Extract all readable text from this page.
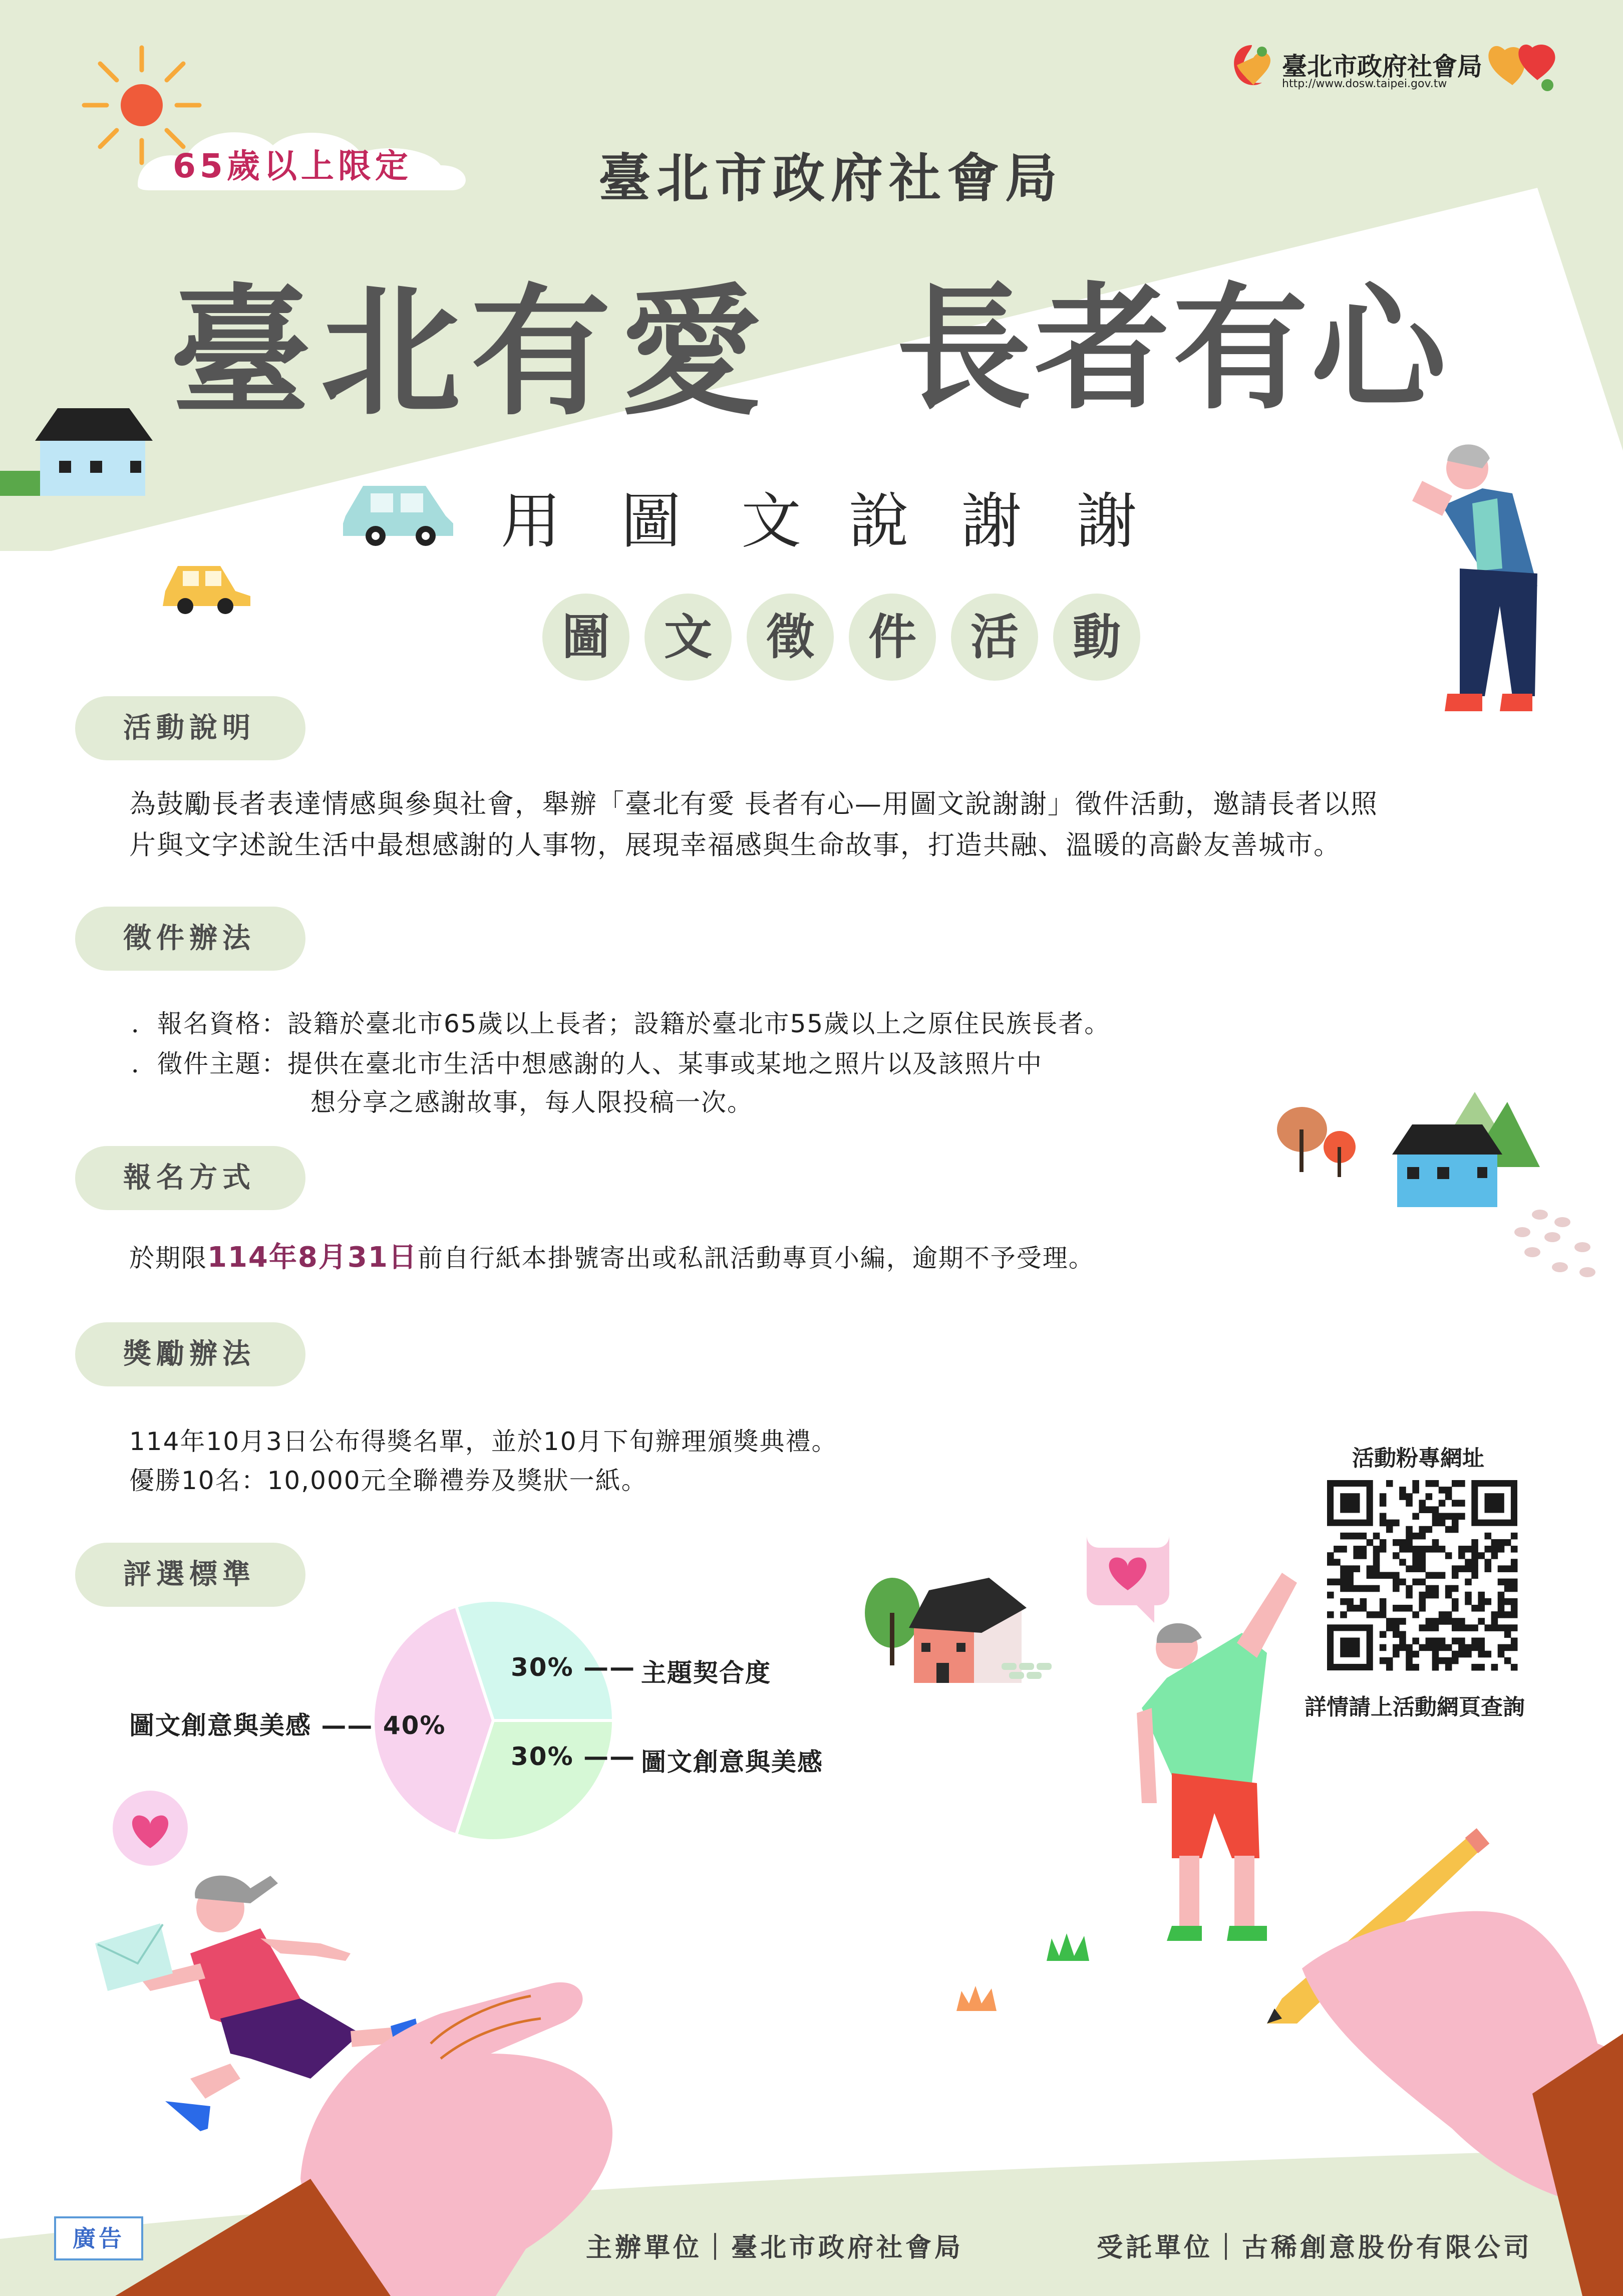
臺北市政府社會局
http://www.dosw.taipei.gov.tw
65歲以上限定	臺北市政府社會局
臺北有愛 長者有心
用 圖 文 說 謝 謝
圖	文	徵	件	活	動
活動說明
為鼓勵長者表達情感與參與社會，舉辦「臺北有愛 長者有心—用圖文說謝謝」徵件活動，邀請長者以照
片與文字述說生活中最想感謝的人事物，展現幸福感與生命故事，打造共融、溫暖的高齡友善城市。
徵件辦法
．報名資格：設籍於臺北市65歲以上長者；設籍於臺北市55歲以上之原住民族長者。
．徵件主題：提供在臺北市生活中想感謝的人、某事或某地之照片以及該照片中
想分享之感謝故事，每人限投稿一次。
報名方式
於期限114年8月31日前自行紙本掛號寄出或私訊活動專頁小編，逾期不予受理。
獎勵辦法
114年10月3日公布得獎名單，並於10月下旬辦理頒獎典禮。
優勝10名：10,000元全聯禮券及獎狀一紙。
評選標準
圖文創意與美感 —— 40%
30% —— 主題契合度
30% —— 圖文創意與美感
活動粉專網址
詳情請上活動網頁查詢
廣告	主辦單位｜臺北市政府社會局	受託單位｜古稀創意股份有限公司
